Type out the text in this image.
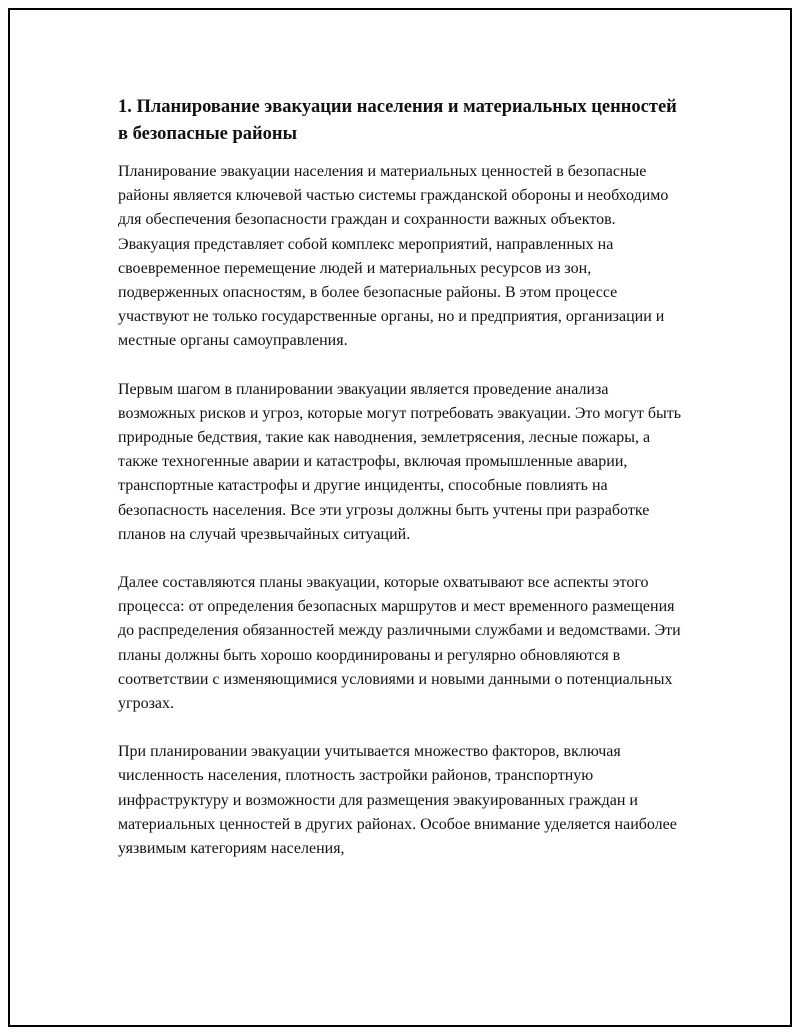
1. Планирование эвакуации населения и материальных ценностей в безопасные районы

Планирование эвакуации населения и материальных ценностей в безопасные районы является ключевой частью системы гражданской обороны и необходимо для обеспечения безопасности граждан и сохранности важных объектов. Эвакуация представляет собой комплекс мероприятий, направленных на своевременное перемещение людей и материальных ресурсов из зон, подверженных опасностям, в более безопасные районы. В этом процессе участвуют не только государственные органы, но и предприятия, организации и местные органы самоуправления.

Первым шагом в планировании эвакуации является проведение анализа возможных рисков и угроз, которые могут потребовать эвакуации. Это могут быть природные бедствия, такие как наводнения, землетрясения, лесные пожары, а также техногенные аварии и катастрофы, включая промышленные аварии, транспортные катастрофы и другие инциденты, способные повлиять на безопасность населения. Все эти угрозы должны быть учтены при разработке планов на случай чрезвычайных ситуаций.

Далее составляются планы эвакуации, которые охватывают все аспекты этого процесса: от определения безопасных маршрутов и мест временного размещения до распределения обязанностей между различными службами и ведомствами. Эти планы должны быть хорошо координированы и регулярно обновляются в соответствии с изменяющимися условиями и новыми данными о потенциальных угрозах.

При планировании эвакуации учитывается множество факторов, включая численность населения, плотность застройки районов, транспортную инфраструктуру и возможности для размещения эвакуированных граждан и материальных ценностей в других районах. Особое внимание уделяется наиболее уязвимым категориям населения,
